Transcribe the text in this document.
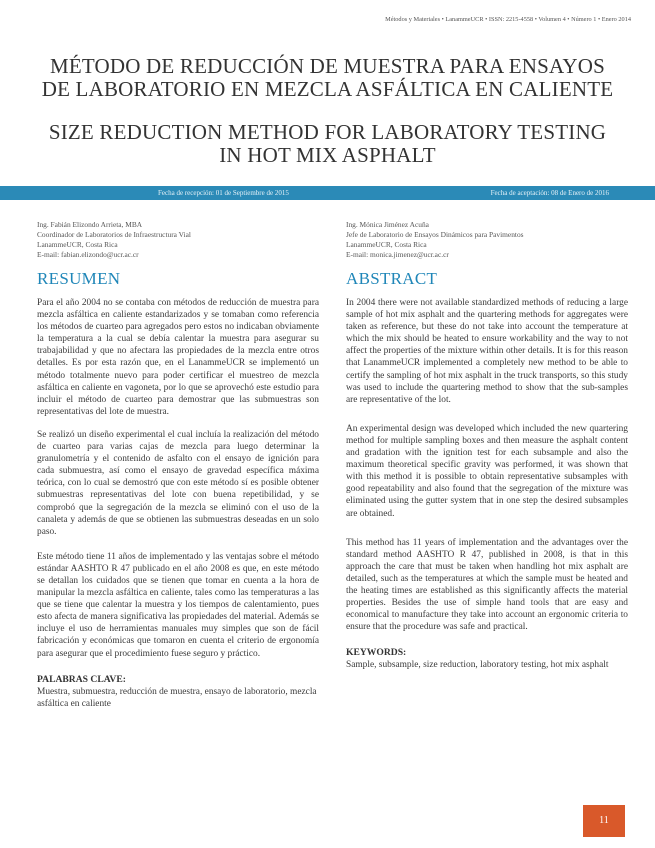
Métodos y Materiales • LanammeUCR • ISSN: 2215-4558 • Volumen 4 • Número 1 • Enero 2014
MÉTODO DE REDUCCIÓN DE MUESTRA PARA ENSAYOS DE LABORATORIO EN MEZCLA ASFÁLTICA EN CALIENTE
SIZE REDUCTION METHOD FOR LABORATORY TESTING IN HOT MIX ASPHALT
Fecha de recepción: 01 de Septiembre de 2015	Fecha de aceptación: 08 de Enero de 2016
Ing. Fabián Elizondo Arrieta, MBA
Coordinador de Laboratorios de Infraestructura Vial
LanammeUCR, Costa Rica
E-mail: fabian.elizondo@ucr.ac.cr
RESUMEN

Para el año 2004 no se contaba con métodos de reducción de muestra para mezcla asfáltica en caliente estandarizados y se tomaban como referencia los métodos de cuarteo para agregados pero estos no indicaban obviamente la temperatura a la cual se debía calentar la muestra para asegurar su trabajabilidad y que no afectara las propiedades de la mezcla entre otros detalles. Es por esta razón que, en el LanammeUCR se implementó un método totalmente nuevo para poder certificar el muestreo de mezcla asfáltica en caliente en vagoneta, por lo que se aprovechó este estudio para incluir el método de cuarteo para demostrar que las submuestras son representativas del lote de muestra.

Se realizó un diseño experimental el cual incluía la realización del método de cuarteo para varias cajas de mezcla para luego determinar la granulometría y el contenido de asfalto con el ensayo de ignición para cada submuestra, así como el ensayo de gravedad específica máxima teórica, con lo cual se demostró que con este método sí es posible obtener submuestras representativas del lote con buena repetibilidad, y se comprobó que la segregación de la mezcla se eliminó con el uso de la canaleta y además de que se obtienen las submuestras deseadas en un solo paso.

Este método tiene 11 años de implementado y las ventajas sobre el método estándar AASHTO R 47 publicado en el año 2008 es que, en este método se detallan los cuidados que se tienen que tomar en cuenta a la hora de manipular la mezcla asfáltica en caliente, tales como las temperaturas a las que se tiene que calentar la muestra y los tiempos de calentamiento, pues esto afecta de manera significativa las propiedades del material. Además se incluye el uso de herramientas manuales muy simples que son de fácil fabricación y económicas que tomaron en cuenta el criterio de ergonomía para asegurar que el procedimiento fuese seguro y práctico.

PALABRAS CLAVE:
Muestra, submuestra, reducción de muestra, ensayo de laboratorio, mezcla asfáltica en caliente
Ing. Mónica Jiménez Acuña
Jefe de Laboratorio de Ensayos Dinámicos para Pavimentos
LanammeUCR, Costa Rica
E-mail: monica.jimenez@ucr.ac.cr
ABSTRACT

In 2004 there were not available standardized methods of reducing a large sample of hot mix asphalt and the quartering methods for aggregates were taken as reference, but these do not take into account the temperature at which the mix should be heated to ensure workability and the way to not affect the properties of the mixture within other details. It is for this reason that LanammeUCR implemented a completely new method to be able to certify the sampling of hot mix asphalt in the truck transports, so this study was used to include the quartering method to show that the sub-samples are representative of the lot.

An experimental design was developed which included the new quartering method for multiple sampling boxes and then measure the asphalt content and gradation with the ignition test for each subsample and also the maximum theoretical specific gravity was performed, it was shown that with this method it is possible to obtain representative subsamples with good repeatability and also found that the segregation of the mixture was eliminated using the gutter system that in one step the desired subsamples are obtained.

This method has 11 years of implementation and the advantages over the standard method AASHTO R 47, published in 2008, is that in this approach the care that must be taken when handling hot mix asphalt are detailed, such as the temperatures at which the sample must be heated and the heating times are established as this significantly affects the material properties. Besides the use of simple hand tools that are easy and economical to manufacture they take into account an ergonomic criteria to ensure that the procedure was safe and practical.

KEYWORDS:
Sample, subsample, size reduction, laboratory testing, hot mix asphalt
11
